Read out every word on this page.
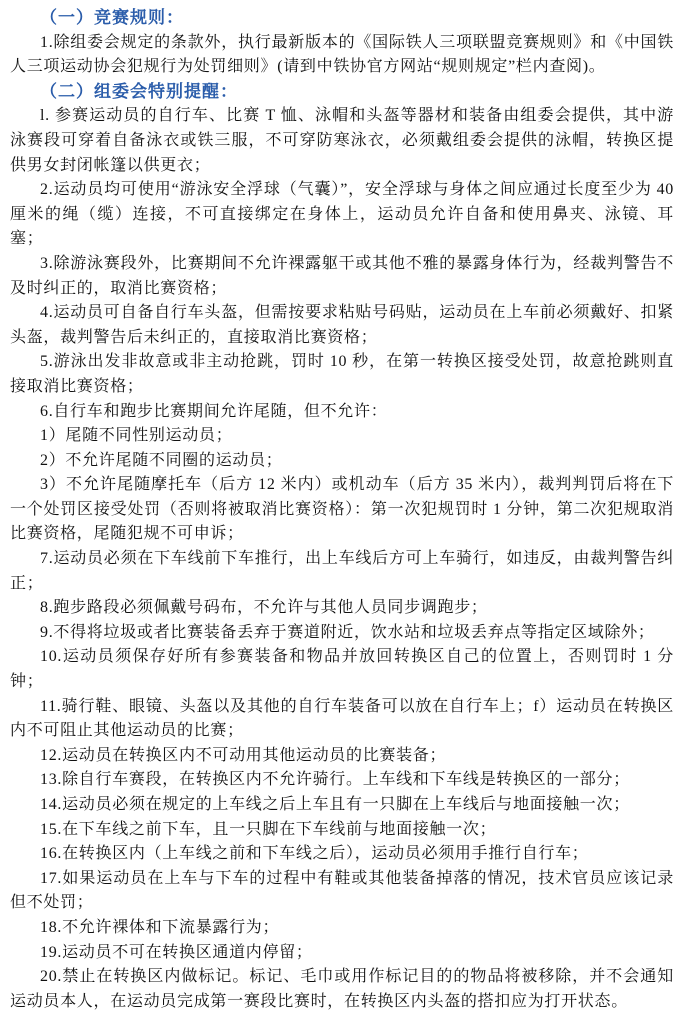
（一）竞赛规则：

1.除组委会规定的条款外，执行最新版本的《国际铁人三项联盟竞赛规则》和《中国铁人三项运动协会犯规行为处罚细则》(请到中铁协官方网站“规则规定”栏内查阅)。

（二）组委会特别提醒：

l. 参赛运动员的自行车、比赛 T 恤、泳帽和头盔等器材和装备由组委会提供，其中游泳赛段可穿着自备泳衣或铁三服，不可穿防寒泳衣，必须戴组委会提供的泳帽，转换区提供男女封闭帐篷以供更衣；

2.运动员均可使用“游泳安全浮球（气囊）”，安全浮球与身体之间应通过长度至少为 40 厘米的绳（缆）连接，不可直接绑定在身体上，运动员允许自备和使用鼻夹、泳镜、耳塞；

3.除游泳赛段外，比赛期间不允许裸露躯干或其他不雅的暴露身体行为，经裁判警告不及时纠正的，取消比赛资格；

4.运动员可自备自行车头盔，但需按要求粘贴号码贴，运动员在上车前必须戴好、扣紧头盔，裁判警告后未纠正的，直接取消比赛资格；

5.游泳出发非故意或非主动抢跳，罚时 10 秒，在第一转换区接受处罚，故意抢跳则直接取消比赛资格；

6.自行车和跑步比赛期间允许尾随，但不允许：

1）尾随不同性别运动员；

2）不允许尾随不同圈的运动员；

3）不允许尾随摩托车（后方 12 米内）或机动车（后方 35 米内），裁判判罚后将在下一个处罚区接受处罚（否则将被取消比赛资格）：第一次犯规罚时 1 分钟，第二次犯规取消比赛资格，尾随犯规不可申诉；

7.运动员必须在下车线前下车推行，出上车线后方可上车骑行，如违反，由裁判警告纠正；

8.跑步路段必须佩戴号码布，不允许与其他人员同步调跑步；

9.不得将垃圾或者比赛装备丢弃于赛道附近，饮水站和垃圾丢弃点等指定区域除外；

10.运动员须保存好所有参赛装备和物品并放回转换区自己的位置上，否则罚时 1 分钟；

11.骑行鞋、眼镜、头盔以及其他的自行车装备可以放在自行车上；f）运动员在转换区内不可阻止其他运动员的比赛；

12.运动员在转换区内不可动用其他运动员的比赛装备；

13.除自行车赛段，在转换区内不允许骑行。上车线和下车线是转换区的一部分；

14.运动员必须在规定的上车线之后上车且有一只脚在上车线后与地面接触一次；

15.在下车线之前下车，且一只脚在下车线前与地面接触一次；

16.在转换区内（上车线之前和下车线之后），运动员必须用手推行自行车；

17.如果运动员在上车与下车的过程中有鞋或其他装备掉落的情况，技术官员应该记录但不处罚；

18.不允许裸体和下流暴露行为；

19.运动员不可在转换区通道内停留；

20.禁止在转换区内做标记。标记、毛巾或用作标记目的的物品将被移除，并不会通知运动员本人，在运动员完成第一赛段比赛时，在转换区内头盔的搭扣应为打开状态。
